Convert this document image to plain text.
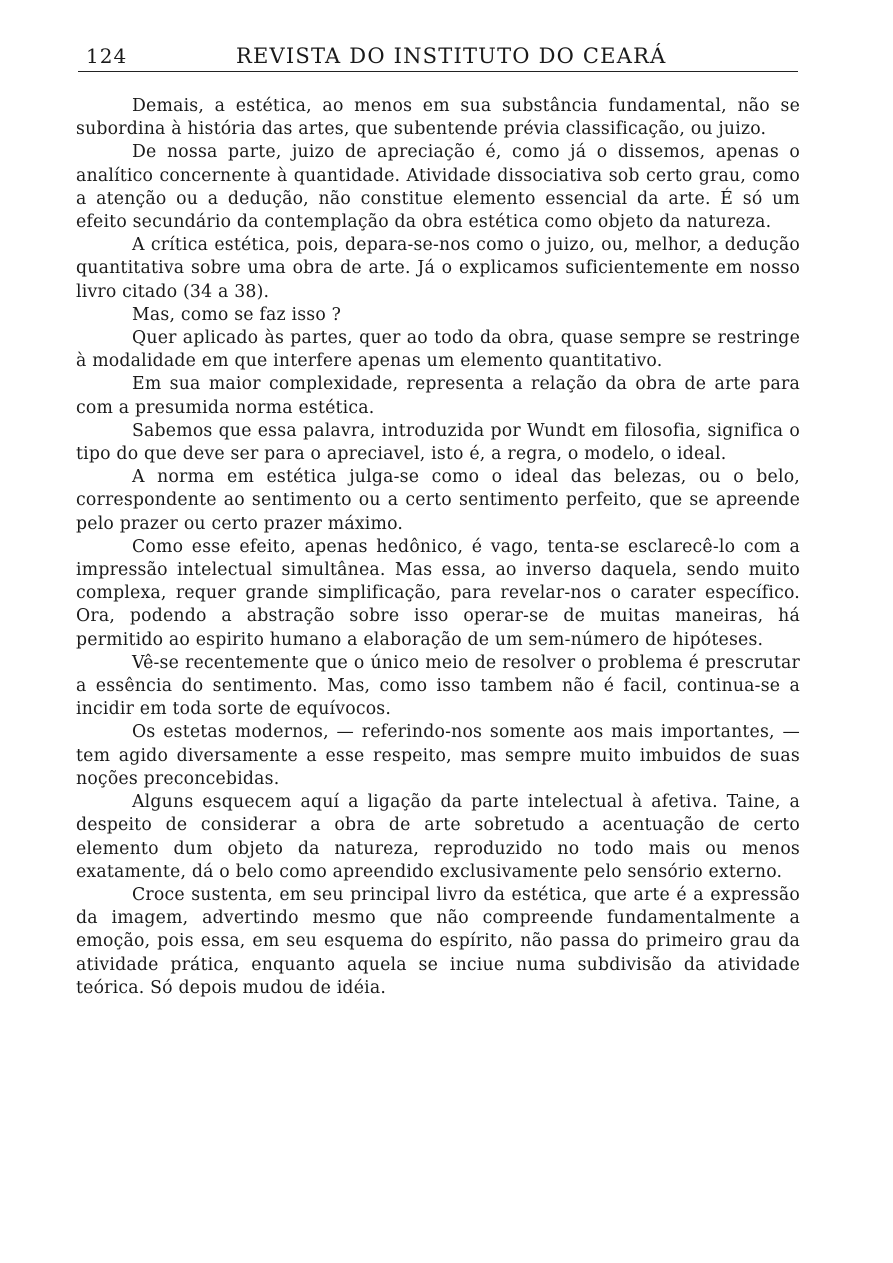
124	REVISTA DO INSTITUTO DO CEARÁ

Demais, a estética, ao menos em sua substância fundamental, não se subordina à história das artes, que subentende prévia classificação, ou juizo.

De nossa parte, juizo de apreciação é, como já o dissemos, apenas o analítico concernente à quantidade. Atividade dissociativa sob certo grau, como a atenção ou a dedução, não constitue elemento essencial da arte. É só um efeito secundário da contemplação da obra estética como objeto da natureza.

A crítica estética, pois, depara-se-nos como o juizo, ou, melhor, a dedução quantitativa sobre uma obra de arte. Já o explicamos suficientemente em nosso livro citado (34 a 38).

Mas, como se faz isso ?

Quer aplicado às partes, quer ao todo da obra, quase sempre se restringe à modalidade em que interfere apenas um elemento quantitativo.

Em sua maior complexidade, representa a relação da obra de arte para com a presumida norma estética.

Sabemos que essa palavra, introduzida por Wundt em filosofia, significa o tipo do que deve ser para o apreciavel, isto é, a regra, o modelo, o ideal.

A norma em estética julga-se como o ideal das belezas, ou o belo, correspondente ao sentimento ou a certo sentimento perfeito, que se apreende pelo prazer ou certo prazer máximo.

Como esse efeito, apenas hedônico, é vago, tenta-se esclarecê-lo com a impressão intelectual simultânea. Mas essa, ao inverso daquela, sendo muito complexa, requer grande simplificação, para revelar-nos o carater específico. Ora, podendo a abstração sobre isso operar-se de muitas maneiras, há permitido ao espirito humano a elaboração de um sem-número de hipóteses.

Vê-se recentemente que o único meio de resolver o problema é prescrutar a essência do sentimento. Mas, como isso tambem não é facil, continua-se a incidir em toda sorte de equívocos.

Os estetas modernos, — referindo-nos somente aos mais importantes, — tem agido diversamente a esse respeito, mas sempre muito imbuidos de suas noções preconcebidas.

Alguns esquecem aquí a ligação da parte intelectual à afetiva. Taine, a despeito de considerar a obra de arte sobretudo a acentuação de certo elemento dum objeto da natureza, reproduzido no todo mais ou menos exatamente, dá o belo como apreendido exclusivamente pelo sensório externo.

Croce sustenta, em seu principal livro da estética, que arte é a expressão da imagem, advertindo mesmo que não compreende fundamentalmente a emoção, pois essa, em seu esquema do espírito, não passa do primeiro grau da atividade prática, enquanto aquela se inciue numa subdivisão da atividade teórica. Só depois mudou de idéia.
